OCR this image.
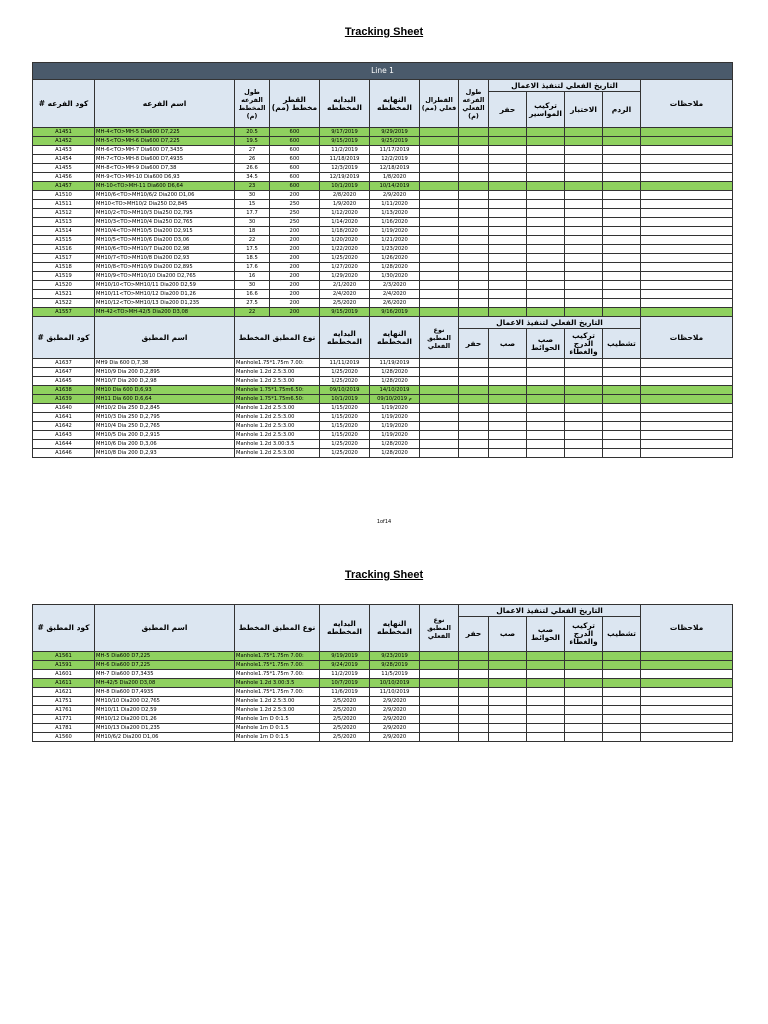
Tracking Sheet
Line 1												
كود الفرعه #	اسم الفرعه	طول الفرعه المخطط (م)	القطر مخطط (مم)	البدايه المخططه	النهايه المخططه	القطرال فعلي (مم)	طول الفرعه الفعلي (م)	التاريخ الفعلي لتنفيذ الاعمال				ملاحظات
								حفر	تركيب المواسير	الاختبار	الردم	
A1451	MH-4<TO>MH-5 Dia600 D7,225	20.5	600	9/17/2019	9/29/2019							
A1452	MH-5<TO>MH-6 Dia600 D7,225	19.5	600	9/15/2019	9/25/2019							
A1453	MH-6<TO>MH-7 Dia600 D7,3435	27	600	11/2/2019	11/17/2019							
A1454	MH-7<TO>MH-8 Dia600 D7,4935	26	600	11/18/2019	12/2/2019							
A1455	MH-8<TO>MH-9 Dia600 D7,38	26.6	600	12/3/2019	12/18/2019							
A1456	MH-9<TO>MH-10 Dia600 D6,93	34.5	600	12/19/2019	1/8/2020							
A1457	MH-10<TO>MH-11 Dia600 D6,64	23	600	10/1/2019	10/14/2019							
A1510	MH10/6<TO>MH10/6/2 Dia200 D1,06	30	200	2/8/2020	2/9/2020							
A1511	MH10<TO>MH10/2 Dia250 D2,845	15	250	1/9/2020	1/11/2020							
A1512	MH10/2<TO>MH10/3 Dia250 D2,795	17.7	250	1/12/2020	1/13/2020							
A1513	MH10/3<TO>MH10/4 Dia250 D2,765	30	250	1/14/2020	1/16/2020							
A1514	MH10/4<TO>MH10/5 Dia200 D2,915	18	200	1/18/2020	1/19/2020							
A1515	MH10/5<TO>MH10/6 Dia200 D3,06	22	200	1/20/2020	1/21/2020							
A1516	MH10/6<TO>MH10/7 Dia200 D2,98	17.5	200	1/22/2020	1/23/2020							
A1517	MH10/7<TO>MH10/8 Dia200 D2,93	18.5	200	1/25/2020	1/26/2020							
A1518	MH10/8<TO>MH10/9 Dia200 D2,895	17.6	200	1/27/2020	1/28/2020							
A1519	MH10/9<TO>MH10/10 Dia200 D2,765	16	200	1/29/2020	1/30/2020							
A1520	MH10/10<TO>MH10/11 Dia200 D2,59	30	200	2/1/2020	2/3/2020							
A1521	MH10/11<TO>MH10/12 Dia200 D1,26	16.6	200	2/4/2020	2/4/2020							
A1522	MH10/12<TO>MH10/13 Dia200 D1,235	27.5	200	2/5/2020	2/6/2020							
A1557	MH-42<TO>MH-42/5 Dia200 D3,08	22	200	9/15/2019	9/16/2019							
كود المطبق #	اسم المطبق	نوع المطبق المخطط		البدايه المخططه	النهايه المخططه	نوع المطبق الفعلي	التاريخ الفعلي لتنفيذ الاعمال					ملاحظات
							حفر	صب	صب الحوائط	تركيب الدرج والغطاء	تشطيب	
A1637	MH9 Dia 600 D,7,38	Manhole1.75*1.75m 7.00:		11/11/2019	11/19/2019							
A1647	MH10/9 Dia 200 D,2,895	Manhole 1.2d 2.5:3.00		1/25/2020	1/28/2020							
A1645	MH10/7 Dia 200 D,2,98	Manhole 1.2d 2.5:3.00		1/25/2020	1/28/2020							
A1638	MH10 Dia 600 D,6,93	Manhole 1.75*1.75m6.50:		09/10/2019	14/10/2019							
A1639	MH11 Dia 600 D,6,64	Manhole 1.75*1.75m6.50:		10/1/2019	09/10/2019 م							
A1640	MH10/2 Dia 250 D,2,845	Manhole 1.2d 2.5:3.00		1/15/2020	1/19/2020							
A1641	MH10/3 Dia 250 D,2,795	Manhole 1.2d 2.5:3.00		1/15/2020	1/19/2020							
A1642	MH10/4 Dia 250 D,2,765	Manhole 1.2d 2.5:3.00		1/15/2020	1/19/2020							
A1643	MH10/5 Dia 200 D,2,915	Manhole 1.2d 2.5:3.00		1/15/2020	1/19/2020							
A1644	MH10/6 Dia 200 D,3,06	Manhole 1.2d 3.00:3.5		1/25/2020	1/28/2020							
A1646	MH10/8 Dia 200 D,2,93	Manhole 1.2d 2.5:3.00		1/25/2020	1/28/2020							
1of14
Tracking Sheet
كود المطبق #	اسم المطبق	نوع المطبق المخطط	البدايه المخططه	النهايه المخططه	نوع المطبق الفعلي	التاريخ الفعلي لتنفيذ الاعمال					ملاحظات
						حفر	صب	صب الحوائط	تركيب الدرج والغطاء	تشطيب	
A1561	MH-5 Dia600 D7,225	Manhole1.75*1.75m 7.00:	9/19/2019	9/23/2019							
A1591	MH-6 Dia600 D7,225	Manhole1.75*1.75m 7.00:	9/24/2019	9/28/2019							
A1601	MH-7 Dia600 D7,3435	Manhole1.75*1.75m 7.00:	11/2/2019	11/5/2019							
A1611	MH-42/5 Dia200 D3,08	Manhole 1.2d 3.00:3.5	10/7/2019	10/10/2019							
A1621	MH-8 Dia600 D7,4935	Manhole1.75*1.75m 7.00:	11/6/2019	11/10/2019							
A1751	MH10/10 Dia200 D2,765	Manhole 1.2d 2.5:3.00	2/5/2020	2/9/2020							
A1761	MH10/11 Dia200 D2,59	Manhole 1.2d 2.5:3.00	2/5/2020	2/9/2020							
A1771	MH10/12 Dia200 D1,26	Manhole 1m D 0:1.5	2/5/2020	2/9/2020							
A1781	MH10/13 Dia200 D1,235	Manhole 1m D 0:1.5	2/5/2020	2/9/2020							
A1560	MH10/6/2 Dia200 D1,06	Manhole 1m D 0:1.5	2/5/2020	2/9/2020							
